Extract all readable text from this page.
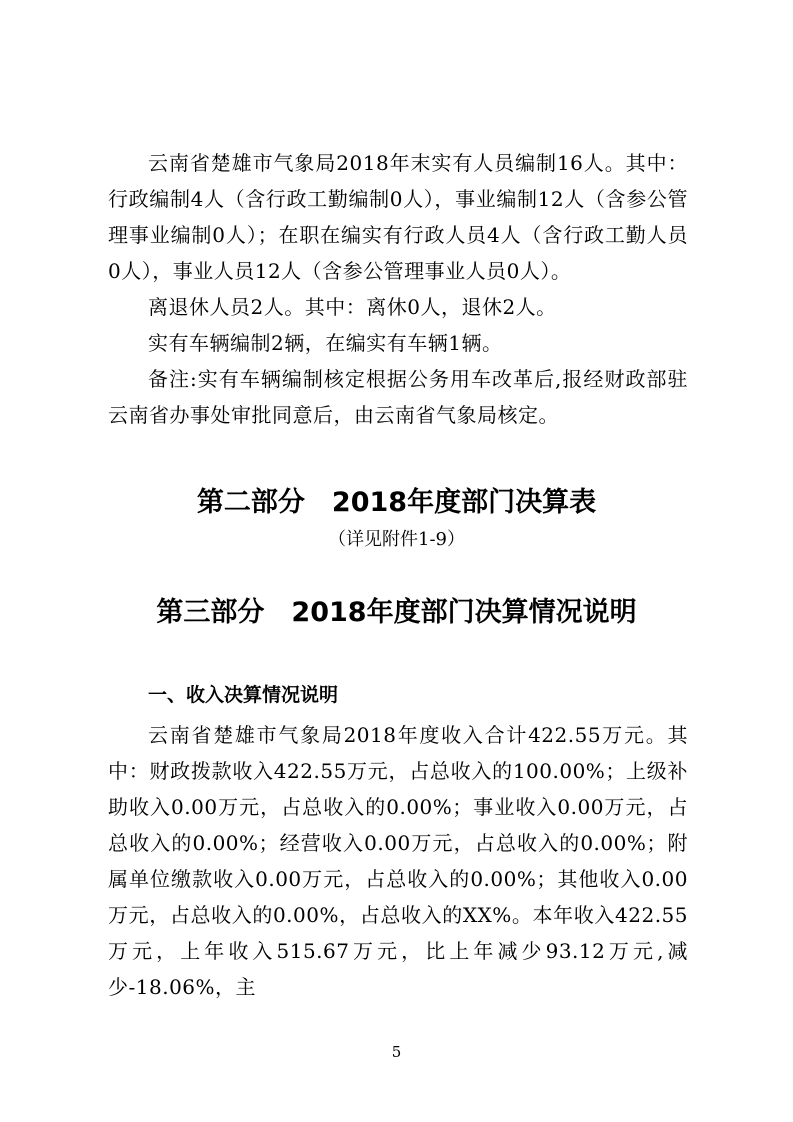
云南省楚雄市气象局2018年末实有人员编制16人。其中：行政编制4人（含行政工勤编制0人），事业编制12人（含参公管理事业编制0人）；在职在编实有行政人员4人（含行政工勤人员0人），事业人员12人（含参公管理事业人员0人）。

离退休人员2人。其中：离休0人，退休2人。

实有车辆编制2辆，在编实有车辆1辆。

备注:实有车辆编制核定根据公务用车改革后,报经财政部驻云南省办事处审批同意后，由云南省气象局核定。

第二部分　2018年度部门决算表

（详见附件1-9）

第三部分　2018年度部门决算情况说明
一、收入决算情况说明

云南省楚雄市气象局2018年度收入合计422.55万元。其中：财政拨款收入422.55万元，占总收入的100.00%；上级补助收入0.00万元，占总收入的0.00%；事业收入0.00万元，占总收入的0.00%；经营收入0.00万元，占总收入的0.00%；附属单位缴款收入0.00万元，占总收入的0.00%；其他收入0.00万元，占总收入的0.00%，占总收入的XX%。本年收入422.55万元，上年收入515.67万元，比上年减少93.12万元,减少-18.06%，主

5
